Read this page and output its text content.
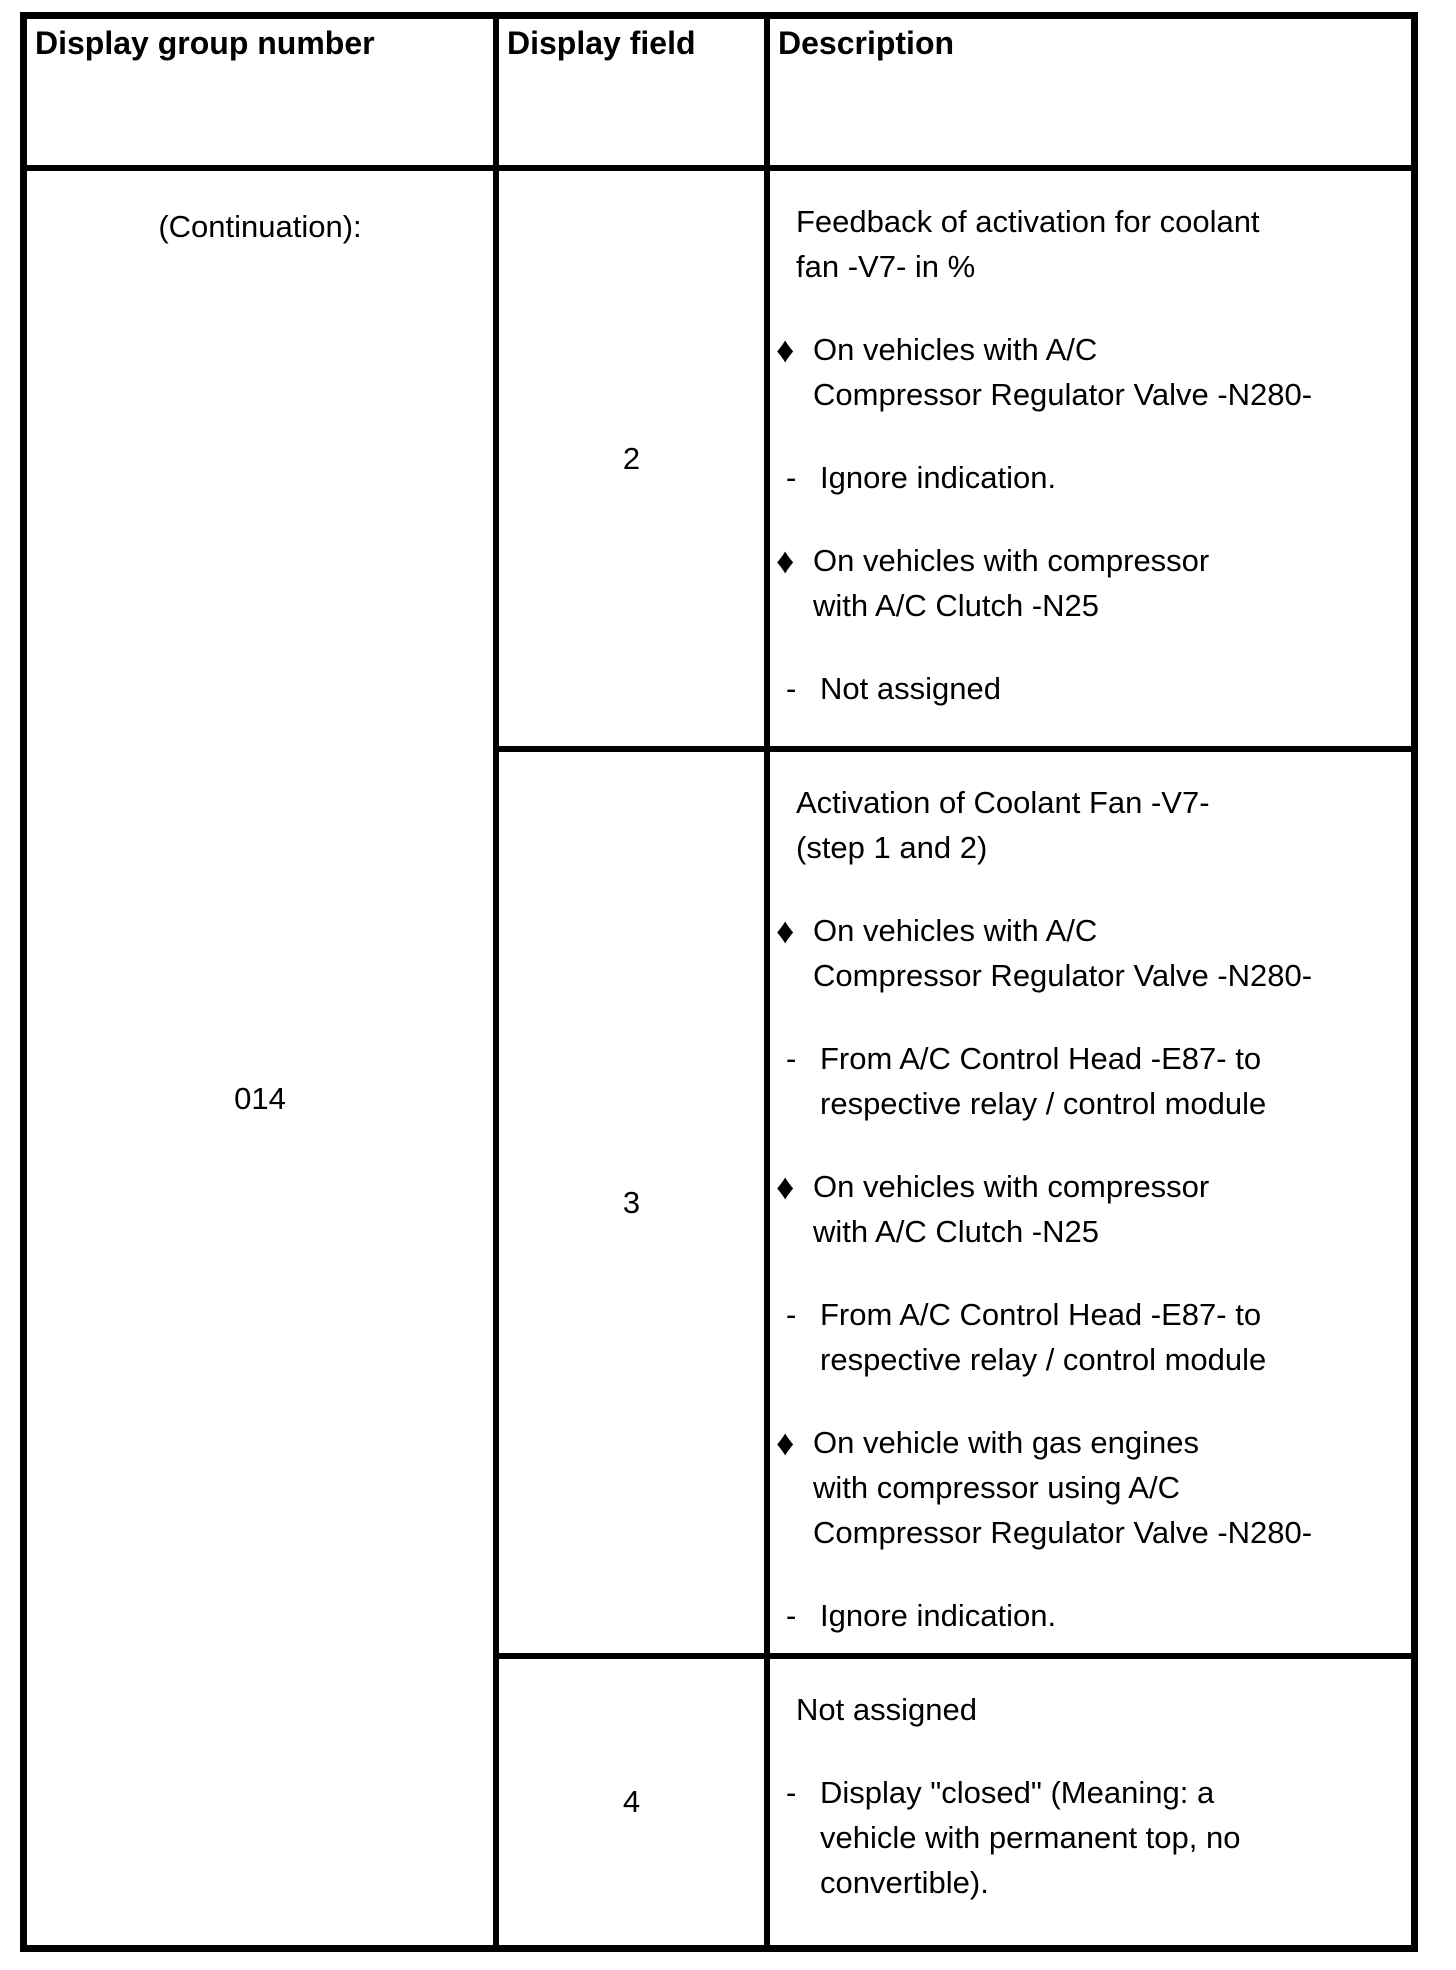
Display group number	Display field	Description
(Continuation):
014
2
Feedback of activation for coolant
fan -V7- in %
♦ On vehicles with A/C
Compressor Regulator Valve -N280-
- Ignore indication.
♦ On vehicles with compressor
with A/C Clutch -N25
- Not assigned
3
Activation of Coolant Fan -V7-
(step 1 and 2)
♦ On vehicles with A/C
Compressor Regulator Valve -N280-
- From A/C Control Head -E87- to
respective relay / control module
♦ On vehicles with compressor
with A/C Clutch -N25
- From A/C Control Head -E87- to
respective relay / control module
♦ On vehicle with gas engines
with compressor using A/C
Compressor Regulator Valve -N280-
- Ignore indication.
4
Not assigned
- Display "closed" (Meaning: a
vehicle with permanent top, no
convertible).
